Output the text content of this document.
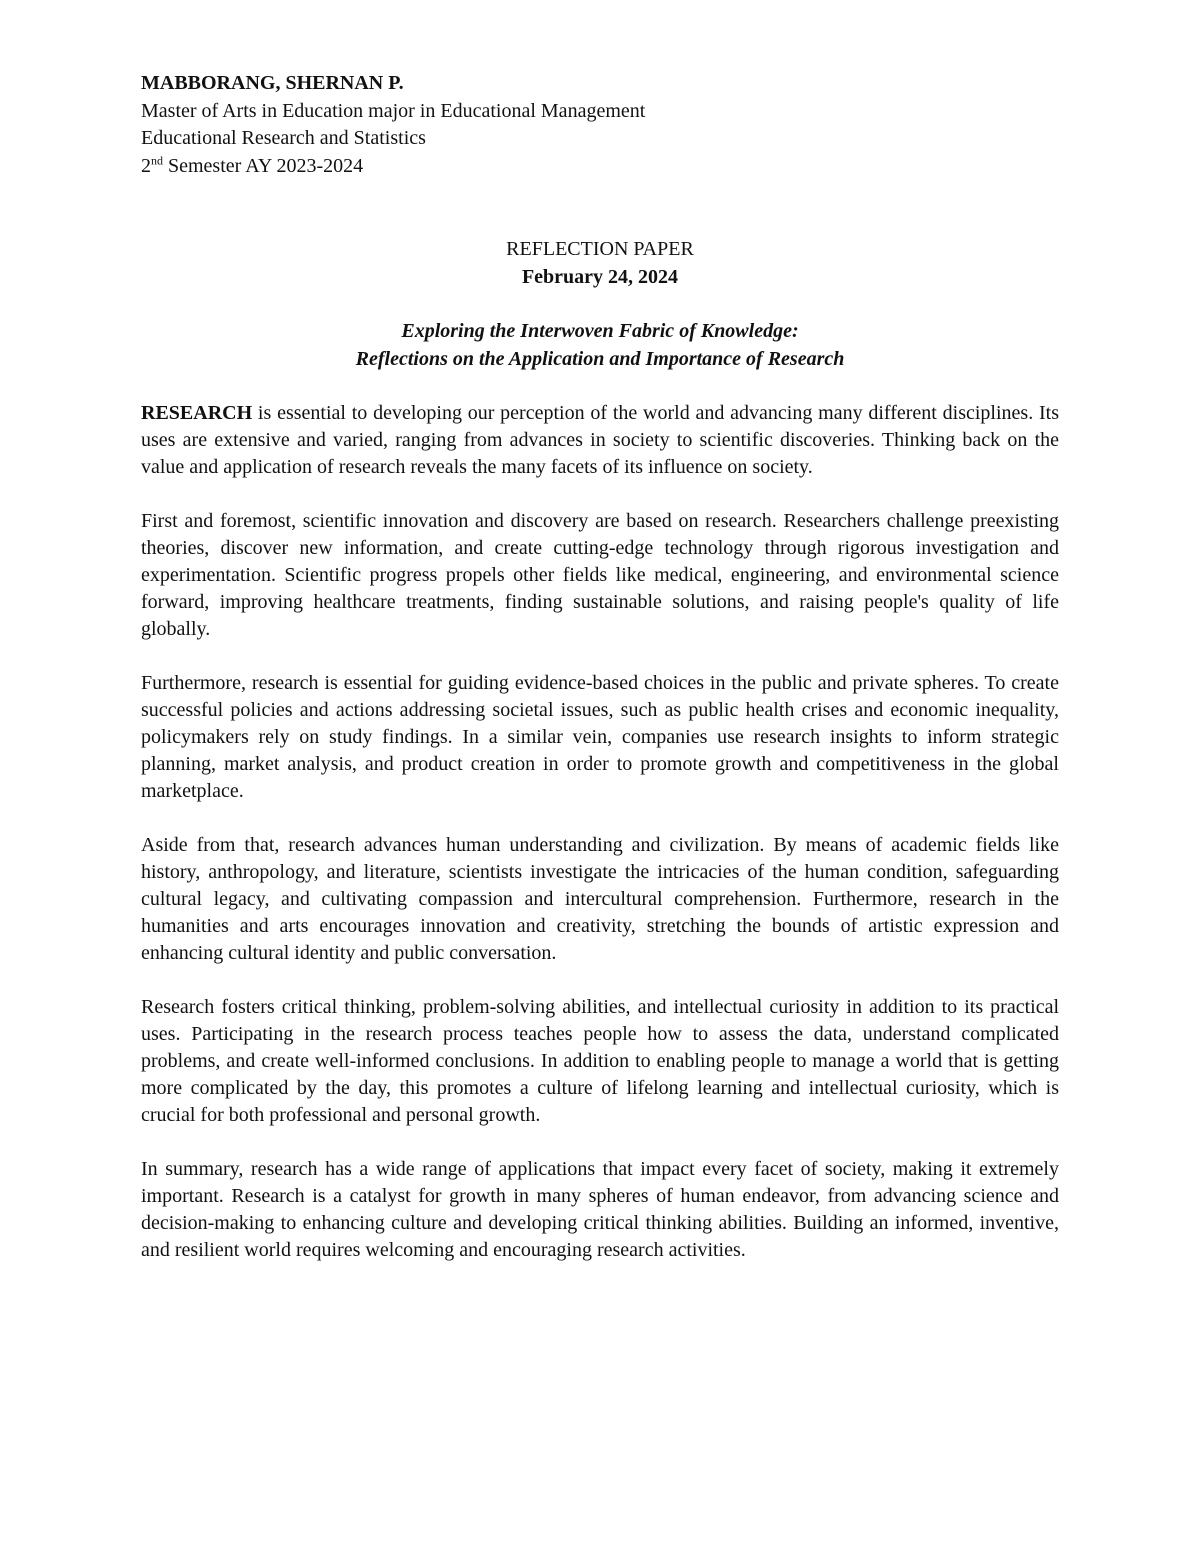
MABBORANG, SHERNAN P.
Master of Arts in Education major in Educational Management
Educational Research and Statistics
2nd Semester AY 2023-2024
REFLECTION PAPER
February 24, 2024
Exploring the Interwoven Fabric of Knowledge:
Reflections on the Application and Importance of Research

RESEARCH is essential to developing our perception of the world and advancing many different disciplines. Its uses are extensive and varied, ranging from advances in society to scientific discoveries. Thinking back on the value and application of research reveals the many facets of its influence on society.

First and foremost, scientific innovation and discovery are based on research. Researchers challenge preexisting theories, discover new information, and create cutting-edge technology through rigorous investigation and experimentation. Scientific progress propels other fields like medical, engineering, and environmental science forward, improving healthcare treatments, finding sustainable solutions, and raising people's quality of life globally.

Furthermore, research is essential for guiding evidence-based choices in the public and private spheres. To create successful policies and actions addressing societal issues, such as public health crises and economic inequality, policymakers rely on study findings. In a similar vein, companies use research insights to inform strategic planning, market analysis, and product creation in order to promote growth and competitiveness in the global marketplace.

Aside from that, research advances human understanding and civilization. By means of academic fields like history, anthropology, and literature, scientists investigate the intricacies of the human condition, safeguarding cultural legacy, and cultivating compassion and intercultural comprehension. Furthermore, research in the humanities and arts encourages innovation and creativity, stretching the bounds of artistic expression and enhancing cultural identity and public conversation.

Research fosters critical thinking, problem-solving abilities, and intellectual curiosity in addition to its practical uses. Participating in the research process teaches people how to assess the data, understand complicated problems, and create well-informed conclusions. In addition to enabling people to manage a world that is getting more complicated by the day, this promotes a culture of lifelong learning and intellectual curiosity, which is crucial for both professional and personal growth.

In summary, research has a wide range of applications that impact every facet of society, making it extremely important. Research is a catalyst for growth in many spheres of human endeavor, from advancing science and decision-making to enhancing culture and developing critical thinking abilities. Building an informed, inventive, and resilient world requires welcoming and encouraging research activities.
